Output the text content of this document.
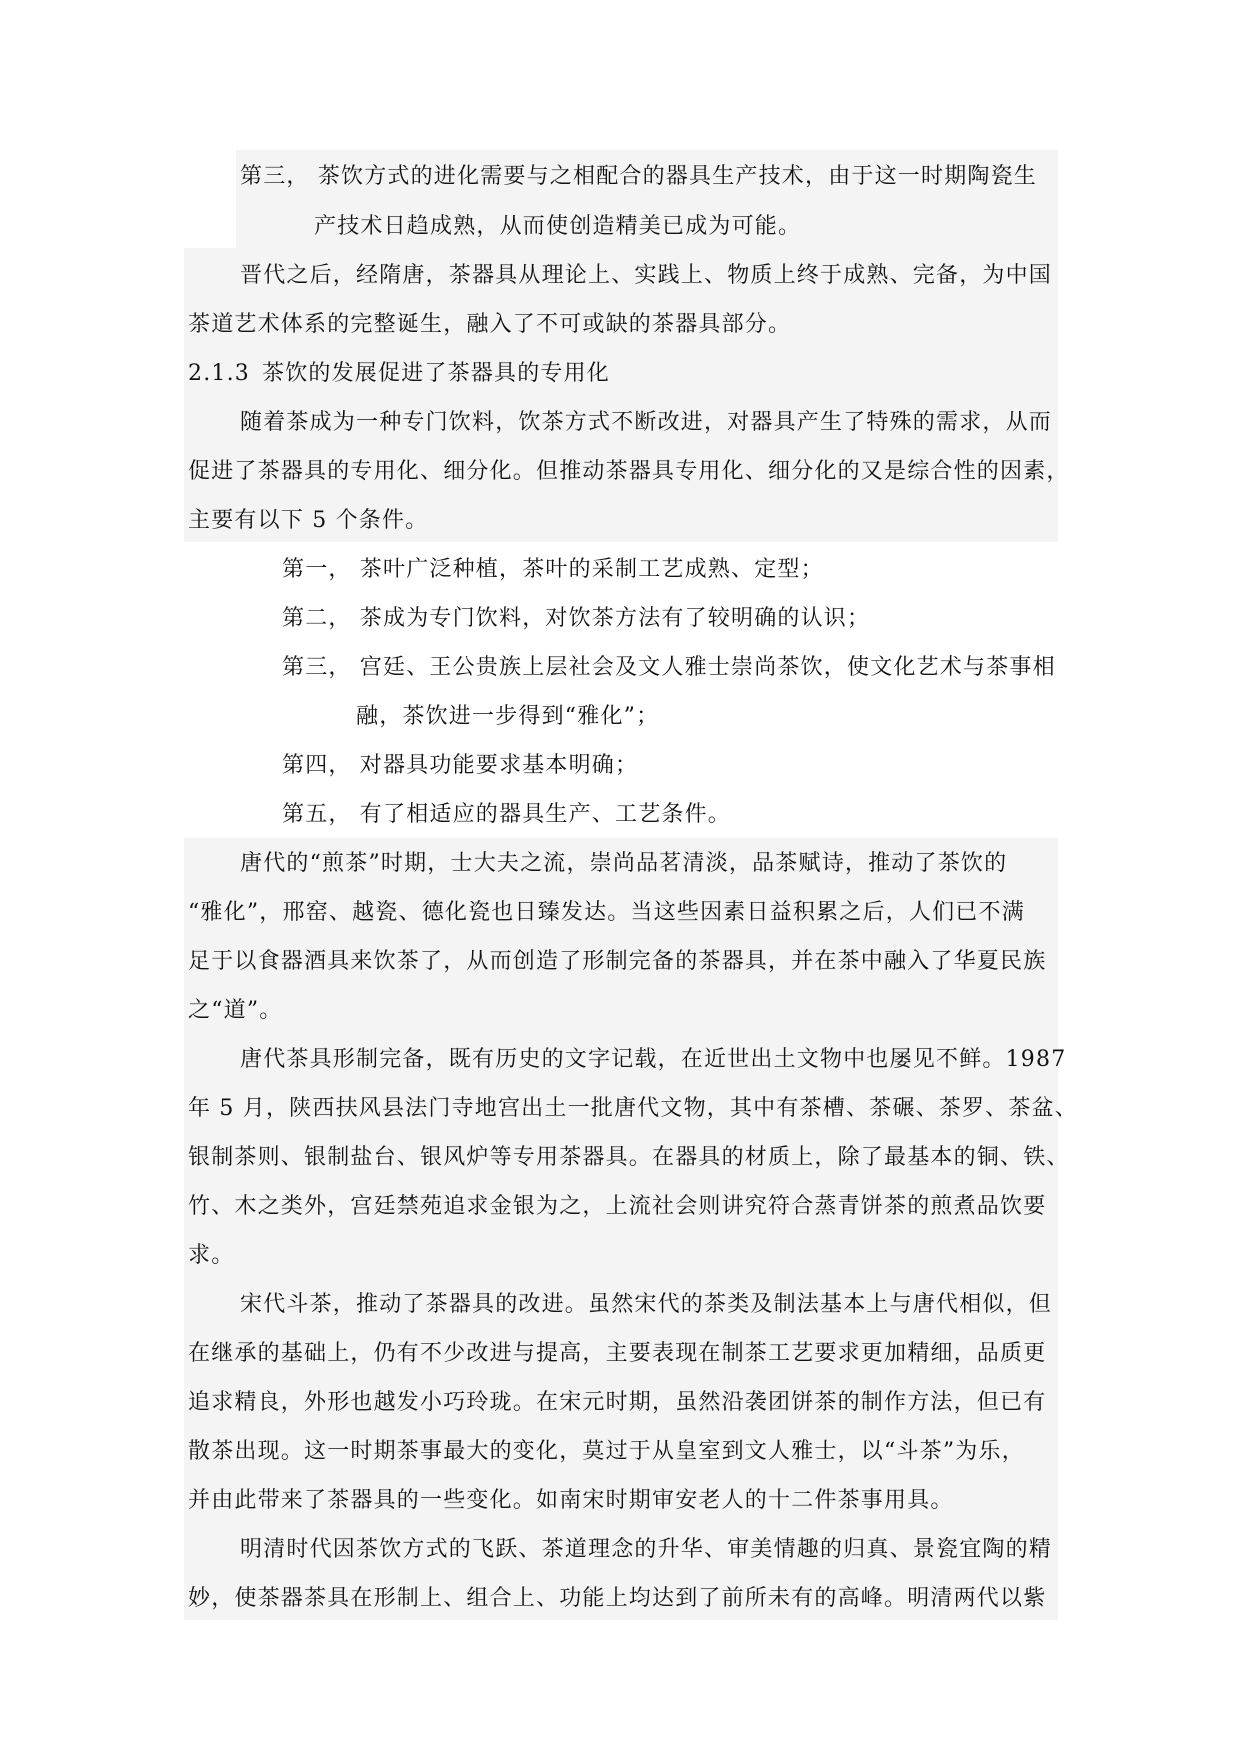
第三， 茶饮方式的进化需要与之相配合的器具生产技术，由于这一时期陶瓷生
产技术日趋成熟，从而使创造精美已成为可能。
晋代之后，经隋唐，茶器具从理论上、实践上、物质上终于成熟、完备，为中国
茶道艺术体系的完整诞生，融入了不可或缺的茶器具部分。
2.1.3 茶饮的发展促进了茶器具的专用化
随着茶成为一种专门饮料，饮茶方式不断改进，对器具产生了特殊的需求，从而
促进了茶器具的专用化、细分化。但推动茶器具专用化、细分化的又是综合性的因素，
主要有以下 5 个条件。
第一， 茶叶广泛种植，茶叶的采制工艺成熟、定型；
第二， 茶成为专门饮料，对饮茶方法有了较明确的认识；
第三， 宫廷、王公贵族上层社会及文人雅士崇尚茶饮，使文化艺术与茶事相
融，茶饮进一步得到“雅化”；
第四， 对器具功能要求基本明确；
第五， 有了相适应的器具生产、工艺条件。
唐代的“煎茶”时期，士大夫之流，崇尚品茗清淡，品茶赋诗，推动了茶饮的
“雅化”，邢窑、越瓷、德化瓷也日臻发达。当这些因素日益积累之后，人们已不满
足于以食器酒具来饮茶了，从而创造了形制完备的茶器具，并在茶中融入了华夏民族
之“道”。
唐代茶具形制完备，既有历史的文字记载，在近世出土文物中也屡见不鲜。1987
年 5 月，陕西扶风县法门寺地宫出土一批唐代文物，其中有茶槽、茶碾、茶罗、茶盆、
银制茶则、银制盐台、银风炉等专用茶器具。在器具的材质上，除了最基本的铜、铁、
竹、木之类外，宫廷禁苑追求金银为之，上流社会则讲究符合蒸青饼茶的煎煮品饮要
求。
宋代斗茶，推动了茶器具的改进。虽然宋代的茶类及制法基本上与唐代相似，但
在继承的基础上，仍有不少改进与提高，主要表现在制茶工艺要求更加精细，品质更
追求精良，外形也越发小巧玲珑。在宋元时期，虽然沿袭团饼茶的制作方法，但已有
散茶出现。这一时期茶事最大的变化，莫过于从皇室到文人雅士，以“斗茶”为乐，
并由此带来了茶器具的一些变化。如南宋时期审安老人的十二件茶事用具。
明清时代因茶饮方式的飞跃、茶道理念的升华、审美情趣的归真、景瓷宜陶的精
妙，使茶器茶具在形制上、组合上、功能上均达到了前所未有的高峰。明清两代以紫
